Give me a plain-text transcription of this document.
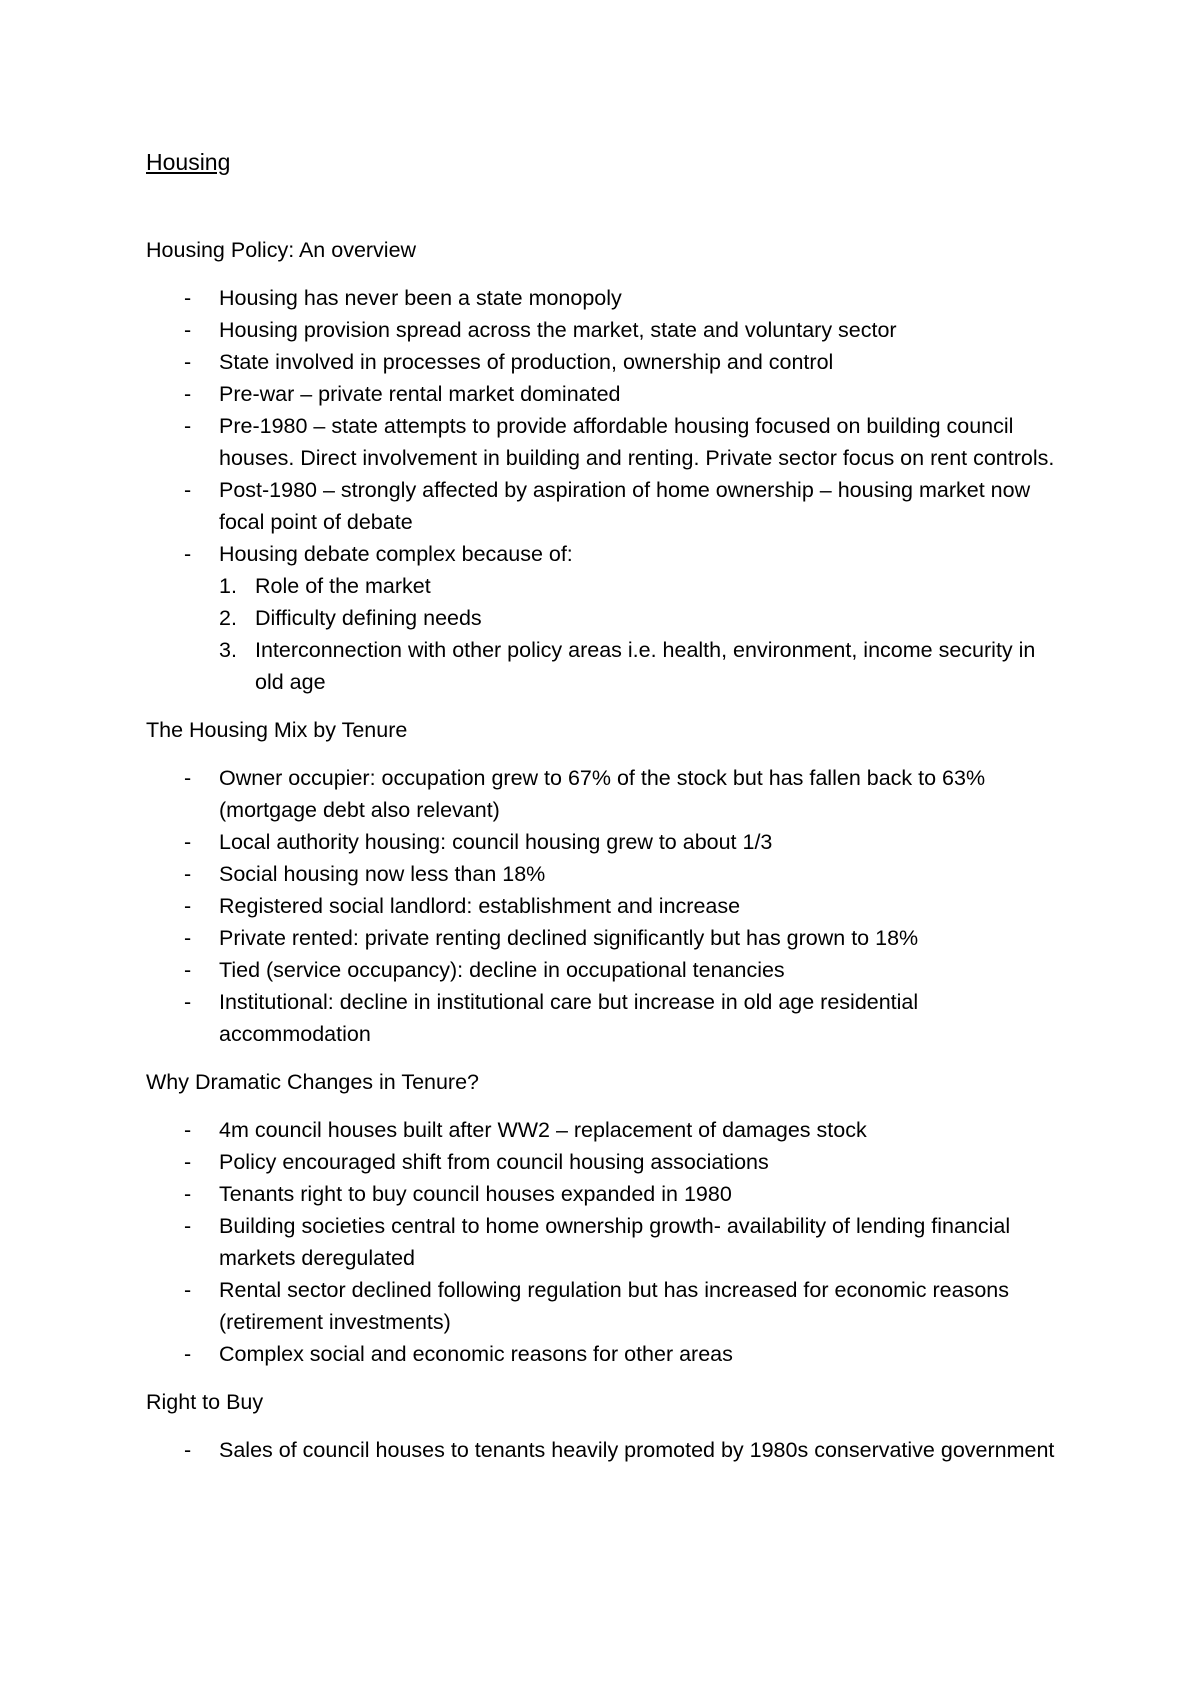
Housing
Housing Policy: An overview
- Housing has never been a state monopoly
- Housing provision spread across the market, state and voluntary sector
- State involved in processes of production, ownership and control
- Pre-war – private rental market dominated
- Pre-1980 – state attempts to provide affordable housing focused on building council houses. Direct involvement in building and renting. Private sector focus on rent controls.
- Post-1980 – strongly affected by aspiration of home ownership – housing market now focal point of debate
- Housing debate complex because of:
1. Role of the market
2. Difficulty defining needs
3. Interconnection with other policy areas i.e. health, environment, income security in old age
The Housing Mix by Tenure
- Owner occupier: occupation grew to 67% of the stock but has fallen back to 63% (mortgage debt also relevant)
- Local authority housing: council housing grew to about 1/3
- Social housing now less than 18%
- Registered social landlord: establishment and increase
- Private rented: private renting declined significantly but has grown to 18%
- Tied (service occupancy): decline in occupational tenancies
- Institutional: decline in institutional care but increase in old age residential accommodation
Why Dramatic Changes in Tenure?
- 4m council houses built after WW2 – replacement of damages stock
- Policy encouraged shift from council housing associations
- Tenants right to buy council houses expanded in 1980
- Building societies central to home ownership growth- availability of lending financial markets deregulated
- Rental sector declined following regulation but has increased for economic reasons (retirement investments)
- Complex social and economic reasons for other areas
Right to Buy
- Sales of council houses to tenants heavily promoted by 1980s conservative government
